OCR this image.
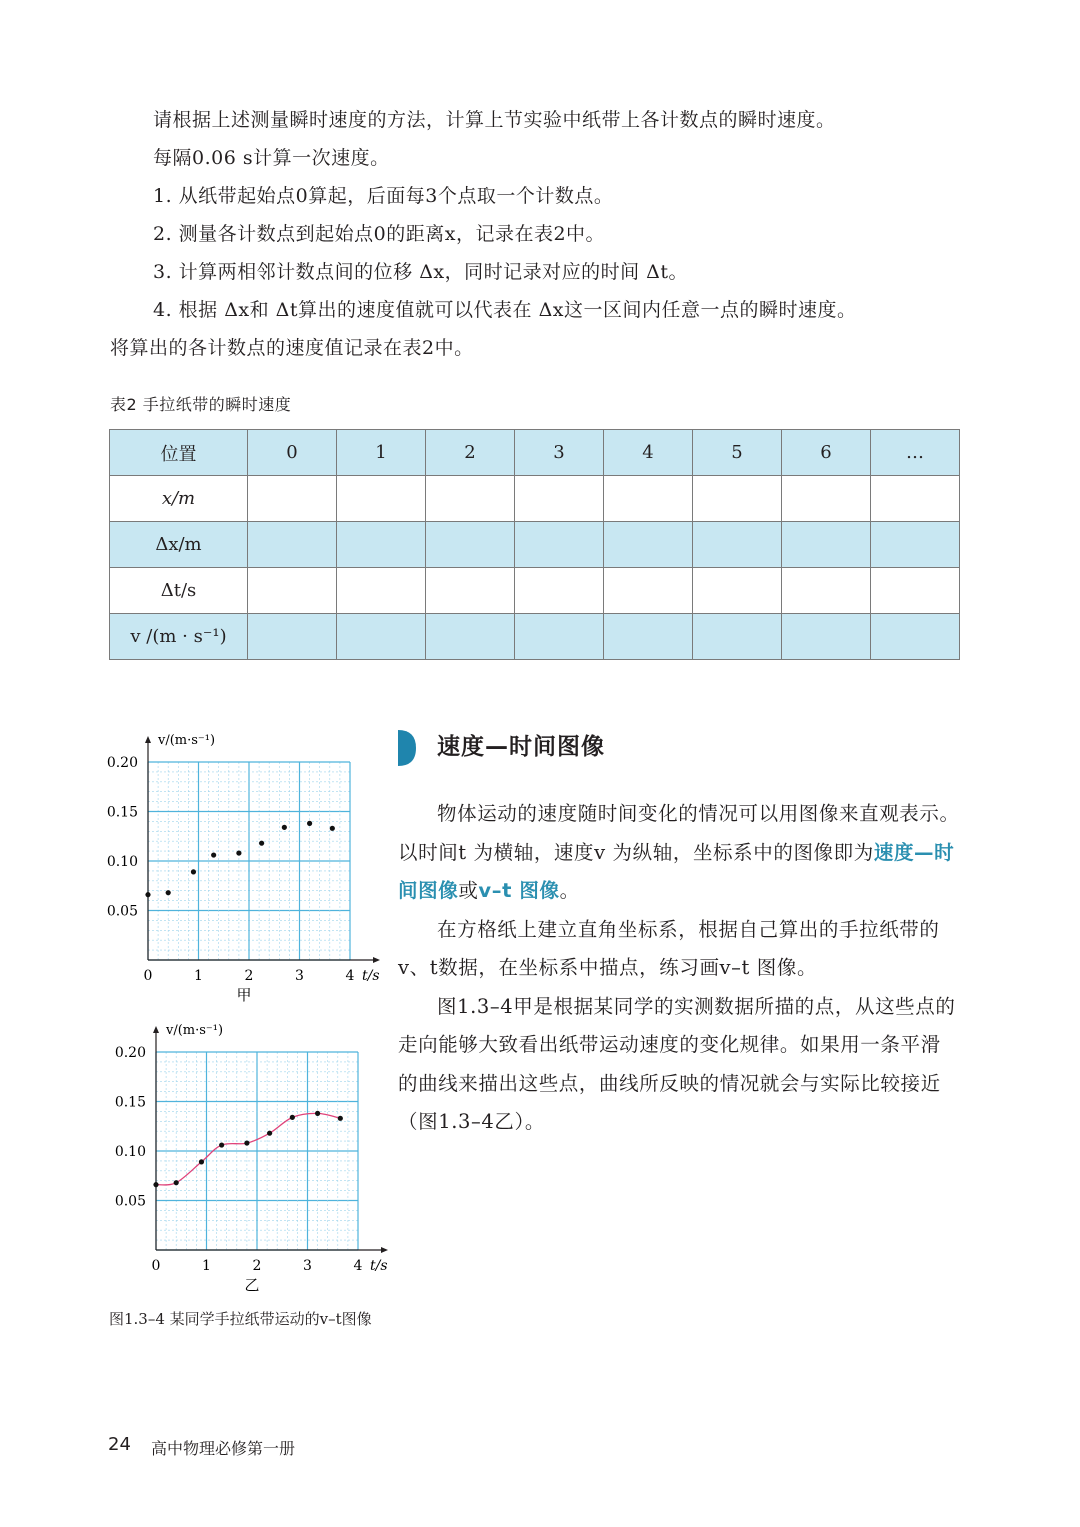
请根据上述测量瞬时速度的方法，计算上节实验中纸带上各计数点的瞬时速度。

每隔0.06 s计算一次速度。

1. 从纸带起始点0算起，后面每3个点取一个计数点。

2. 测量各计数点到起始点0的距离x，记录在表2中。

3. 计算两相邻计数点间的位移 Δx，同时记录对应的时间 Δt。

4. 根据 Δx和 Δt算出的速度值就可以代表在 Δx这一区间内任意一点的瞬时速度。

将算出的各计数点的速度值记录在表2中。

表2 手拉纸带的瞬时速度
位置	0	1	2	3	4	5	6	…
x/m								
Δx/m								
Δt/s								
v /(m · s⁻¹)								
0	1	2	3	4
0.05
0.10
0.15
0.20
t/s
v/(m·s⁻¹)
甲
0	1	2	3	4
0.05
0.10
0.15
0.20
t/s
v/(m·s⁻¹)
乙
速度—时间图像

物体运动的速度随时间变化的情况可以用图像来直观表示。以时间t 为横轴，速度v 为纵轴，坐标系中的图像即为速度—时间图像或v–t 图像。

在方格纸上建立直角坐标系，根据自己算出的手拉纸带的v、t数据，在坐标系中描点，练习画v–t 图像。

图1.3–4甲是根据某同学的实测数据所描的点，从这些点的走向能够大致看出纸带运动速度的变化规律。如果用一条平滑的曲线来描出这些点，曲线所反映的情况就会与实际比较接近（图1.3–4乙）。

图1.3–4 某同学手拉纸带运动的v–t图像
24 高中物理必修第一册
